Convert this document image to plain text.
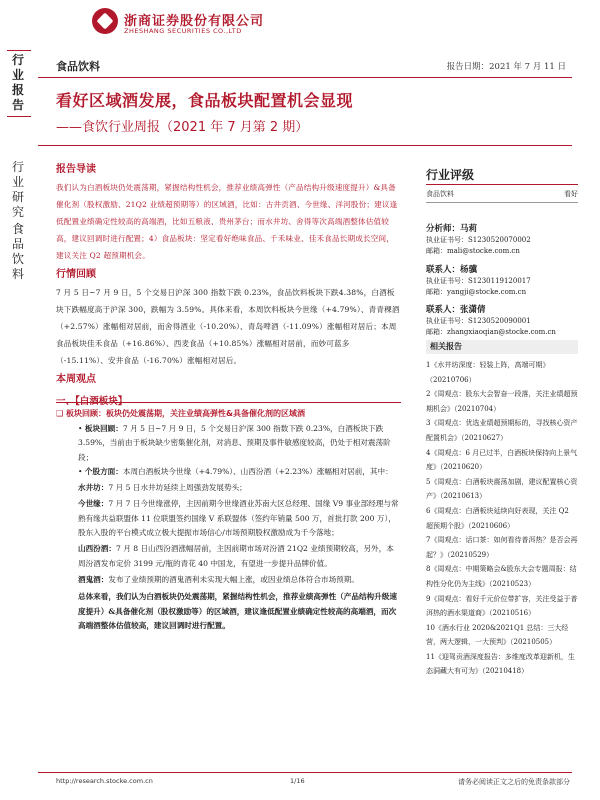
浙商证券股份有限公司
ZHESHANG SECURITIES CO.,LTD
食品饮料	报告日期：2021 年 7 月 11 日
行业报告
行业研究
食品饮料
看好区域酒发展，食品板块配置机会显现
——食饮行业周报（2021 年 7 月第 2 期）

报告导读

我们认为白酒板块仍处震荡期，紧握结构性机会，推荐业绩高弹性（产品结构升级速度提升）&具备催化剂（股权激励、21Q2 业绩超预期等）的区域酒，比如：古井贡酒、今世缘、洋河股份；建议逢低配置业绩确定性较高的高端酒，比如五粮液、贵州茅台；而水井坊、舍得等次高端酒整体估值较高，建议回调时进行配置；4）食品板块：坚定看好绝味食品、千禾味业、佳禾食品长期成长空间，建议关注 Q2 超预期机会。

行情回顾

7 月 5 日~7 月 9 日，5 个交易日沪深 300 指数下跌 0.23%，食品饮料板块下跌4.38%，白酒板块下跌幅度高于沪深 300，跌幅为 3.59%。具体来看，本周饮料板块今世缘（+4.79%）、青青稞酒（+2.57%）涨幅相对居前，而舍得酒业（-10.20%）、青岛啤酒（-11.09%）涨幅相对居后；本周食品板块佳禾食品（+16.86%）、西麦食品（+10.85%）涨幅相对居前，而妙可蓝多（-15.11%）、安井食品（-16.70%）涨幅相对居后。

本周观点

❑ 板块回顾：板块仍处震荡期，关注业绩高弹性&具备催化剂的区域酒

• 板块回顾：7 月 5 日~7 月 9 日，5 个交易日沪深 300 指数下跌 0.23%，白酒板块下跌 3.59%，当前由于板块缺少密集催化剂，对消息、预期及事件敏感度较高，仍处于相对震荡阶段；

• 个股方面：本周白酒板块今世缘（+4.79%）、山西汾酒（+2.23%）涨幅相对居前，其中：

水井坊：7 月 5 日水井坊延续上周强劲发展势头；

今世缘：7 月 7 日今世缘涨停，主因前期今世缘酒业苏南大区总经理、国缘 V9 事业部经理与常熟有缘共益联盟体 11 位联盟签约国缘 V 系联盟体（签约年销量 500 万，首批打款 200 万），股东入股的平台模式成立极大提振市场信心/市场预期股权激励成为千今落地；

山西汾酒：7 月 8 日山西汾酒涨幅居前，主因前期市场对汾酒 21Q2 业绩预期较高，另外，本周汾酒发布定价 3199 元/瓶的青花 40 中国龙，有望进一步提升品牌价值。

酒鬼酒：发布了业绩预期的酒鬼酒利未实现大幅上涨，或因业绩总体符合市场预期。

总体来看，我们认为白酒板块仍处震荡期，紧握结构性机会，推荐业绩高弹性（产品结构升级速度提升）&具备催化剂（股权激励等）的区域酒，建议逢低配置业绩确定性较高的高端酒，而次高端酒整体估值较高，建议回调时进行配置。

行业评级
食品饮料	看好
分析师：马莉
执业证书号：S1230520070002
邮箱：mali@stocke.com.cn
联系人：杨骥
执业证书号：S1230119120017
邮箱：yangji@stocke.com.cn
联系人：张潇倩
执业证书号：S1230520090001
邮箱：zhangxiaoqian@stocke.com.cn
相关报告

1《水井坊深度：轻装上阵，高端可期》（20210706）

2《周观点：股东大会智奋一段落，关注业绩超预期机会》（20210704）

3《周观点：优选业绩超预期标的，寻找核心资产配置机会》（20210627）

4《周观点：6 月已过半，白酒板块保持向上景气度》（20210620）

5《周观点：白酒板块震荡加剧，建议配置核心资产》（20210613）

6《周观点：白酒板块延续向好表现，关注 Q2 超预期个股》（20210606）

7《周观点：话口茶：如何看待普洱热？是否会再起？》（20210529）

8《周观点：中期策略会&股东大会专题周报：结构性分化仍为主线》（20210523）

9《周观点：看好千元价位带扩容，关注受益于普洱热的酒水渠道商》（20210516）

10《酒水行业 2020&2021Q1 总结：三大经营，两大逻辑，一大预判》（20210505）

11《迎驾贡酒深度报告：多维度改革迎新机，生态洞藏大有可为》（20210418）

http://research.stocke.com.cn	1/16	请务必阅读正文之后的免责条款部分
